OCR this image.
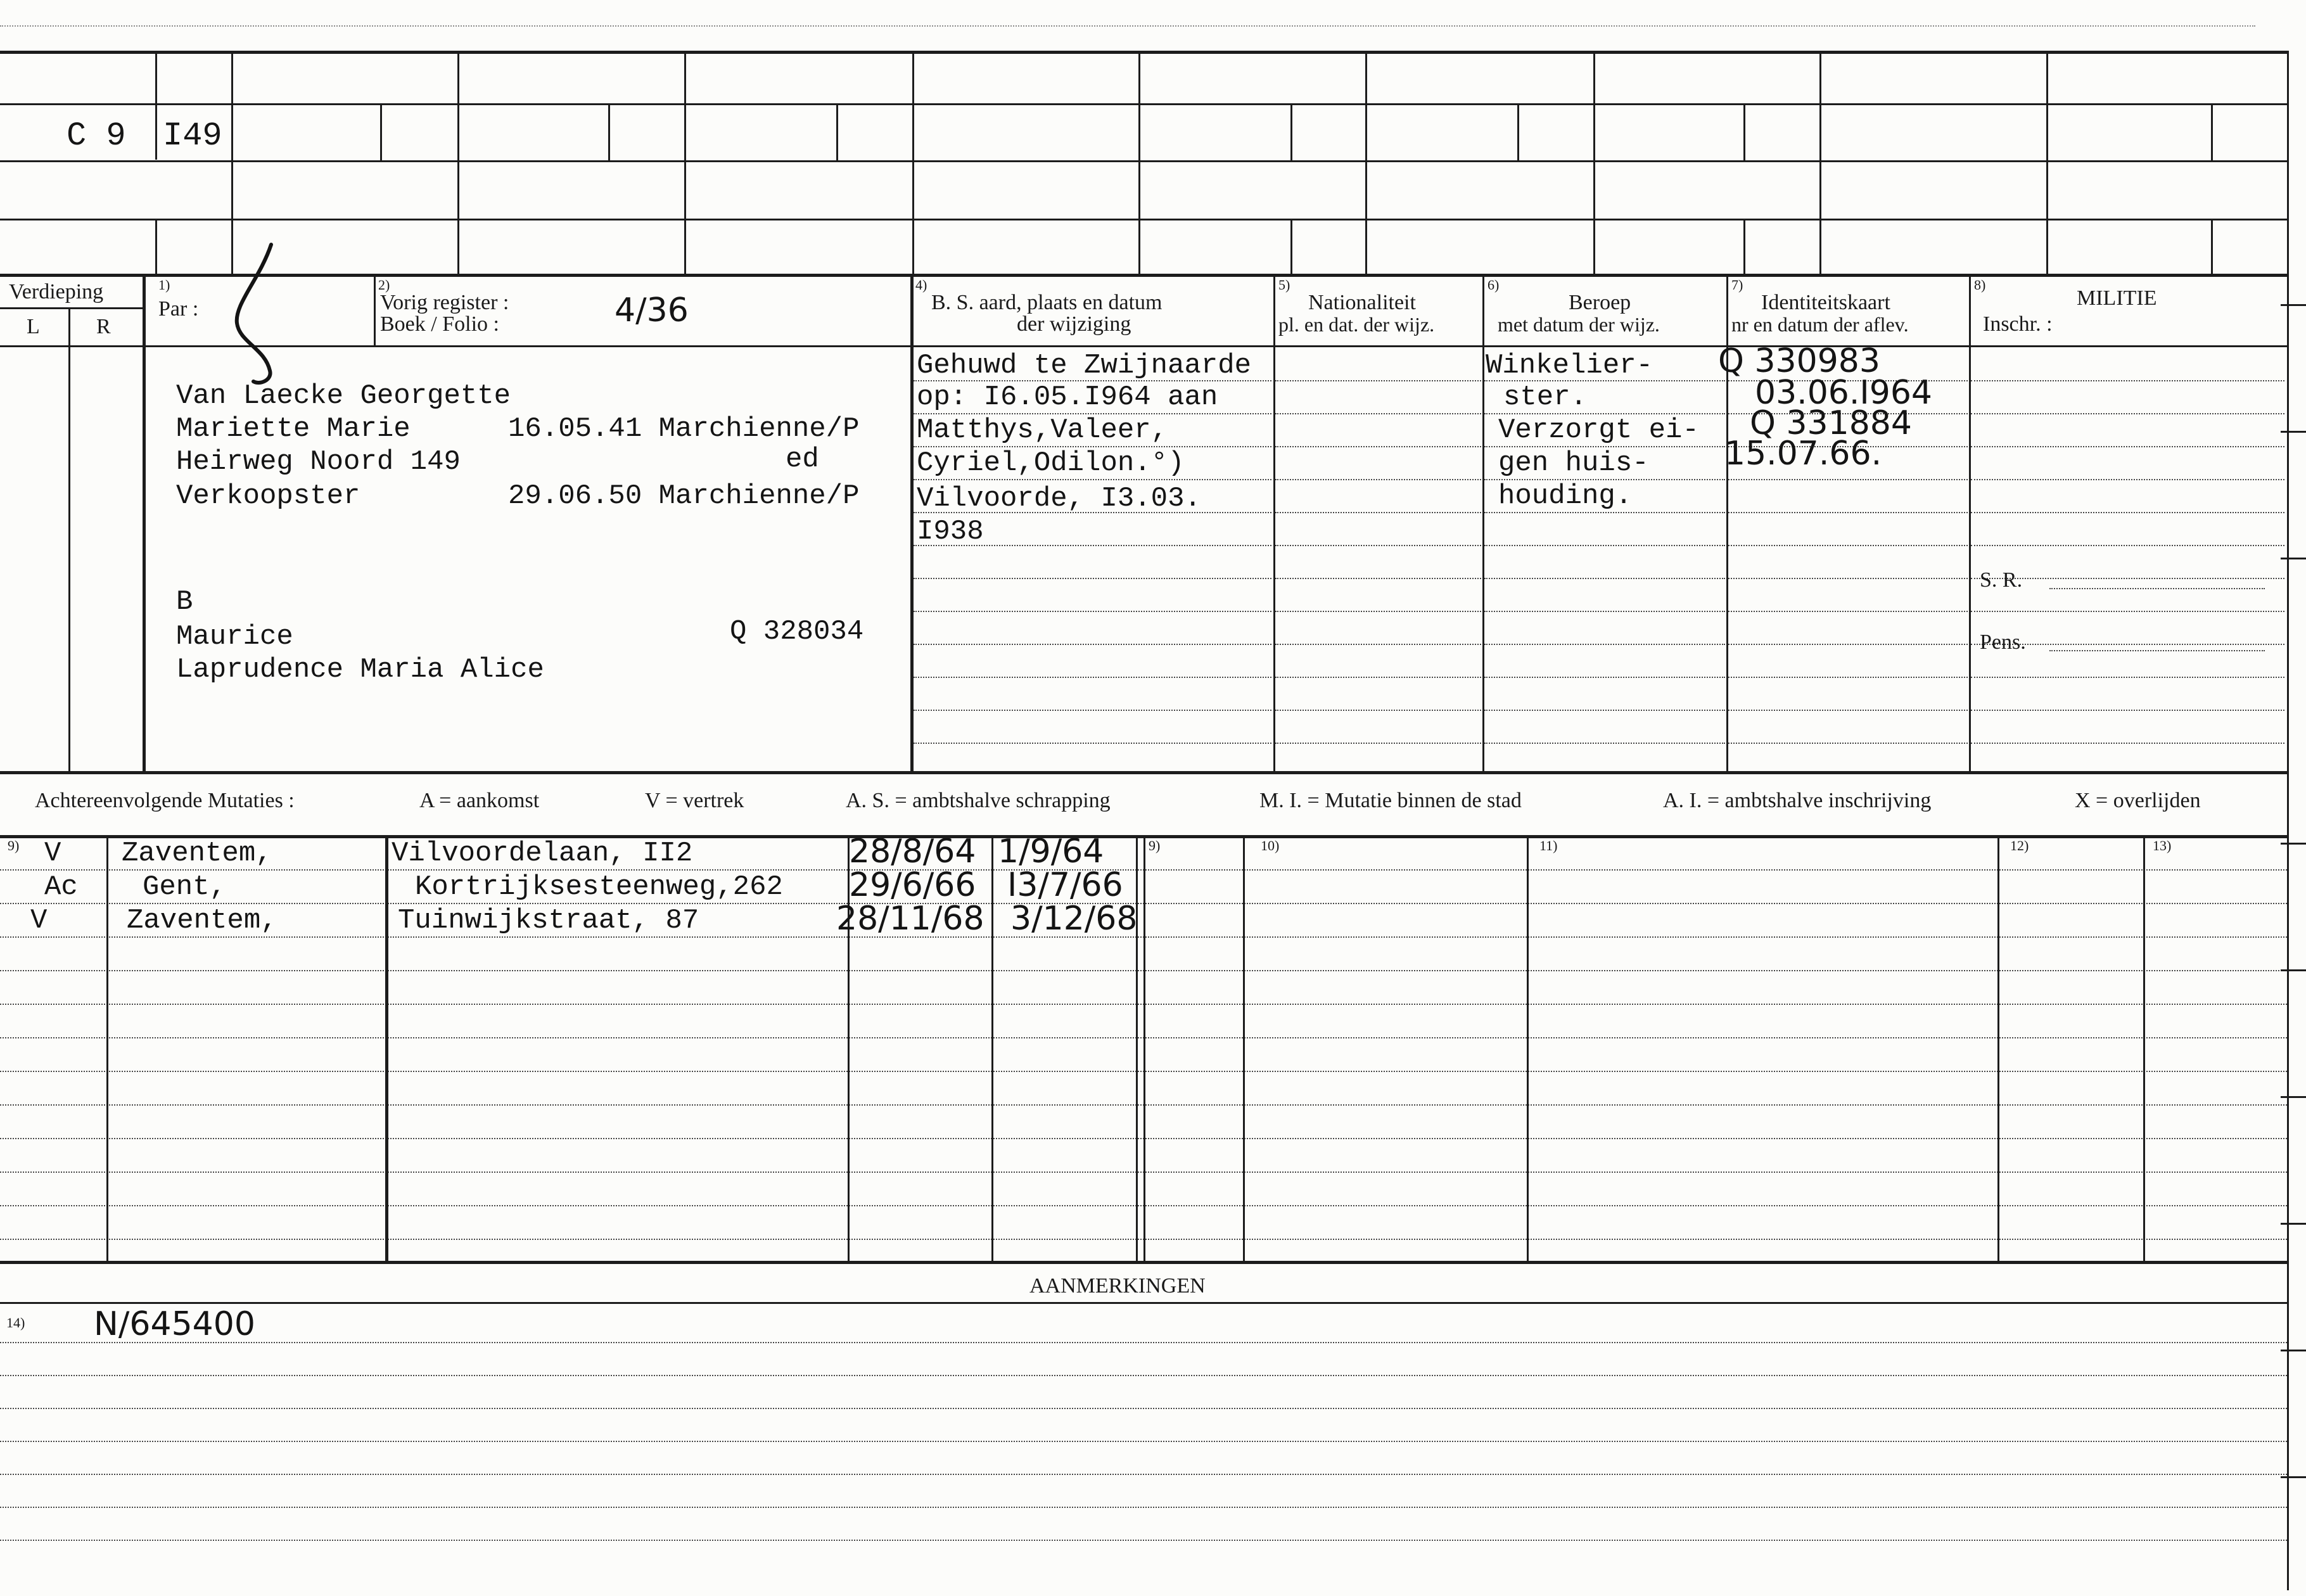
C 9 I49
Verdieping
L	R
1)
Par :
2)
Vorig register :
Boek / Folio :	4/36
4)
B. S. aard, plaats en datum
der wijziging
5)
Nationaliteit
pl. en dat. der wijz.
6)
Beroep
met datum der wijz.
7)
Identiteitskaart
nr en datum der aflev.
8)
MILITIE
Inschr. :
S. R.
Pens.
Van Laecke Georgette
Mariette Marie	16.05.41 Marchienne/P
Heirweg Noord 149	ed
Verkoopster	29.06.50 Marchienne/P
B
Maurice	Q 328034
Laprudence Maria Alice
Gehuwd te Zwijnaarde
op: I6.05.I964 aan
Matthys,Valeer,
Cyriel,Odilon.°)
Vilvoorde, I3.03.
I938
Winkelier-
ster.
Verzorgt ei-
gen huis-
houding.
Q 330983
03.06.I964
Q 331884
15.07.66.
Achtereenvolgende Mutaties :	A = aankomst	V = vertrek	A. S. = ambtshalve schrapping	M. I. = Mutatie binnen de stad	A. I. = ambtshalve inschrijving	X = overlijden
9)	9)	10)	11)	12)	13)
V Zaventem,	Vilvoordelaan, II2	28/8/64 1/9/64
Ac Gent,	Kortrijksesteenweg,262 29/6/66 I3/7/66
V	Zaventem,	Tuinwijkstraat, 87	28/11/68 3/12/68
AANMERKINGEN
14) N/645400
